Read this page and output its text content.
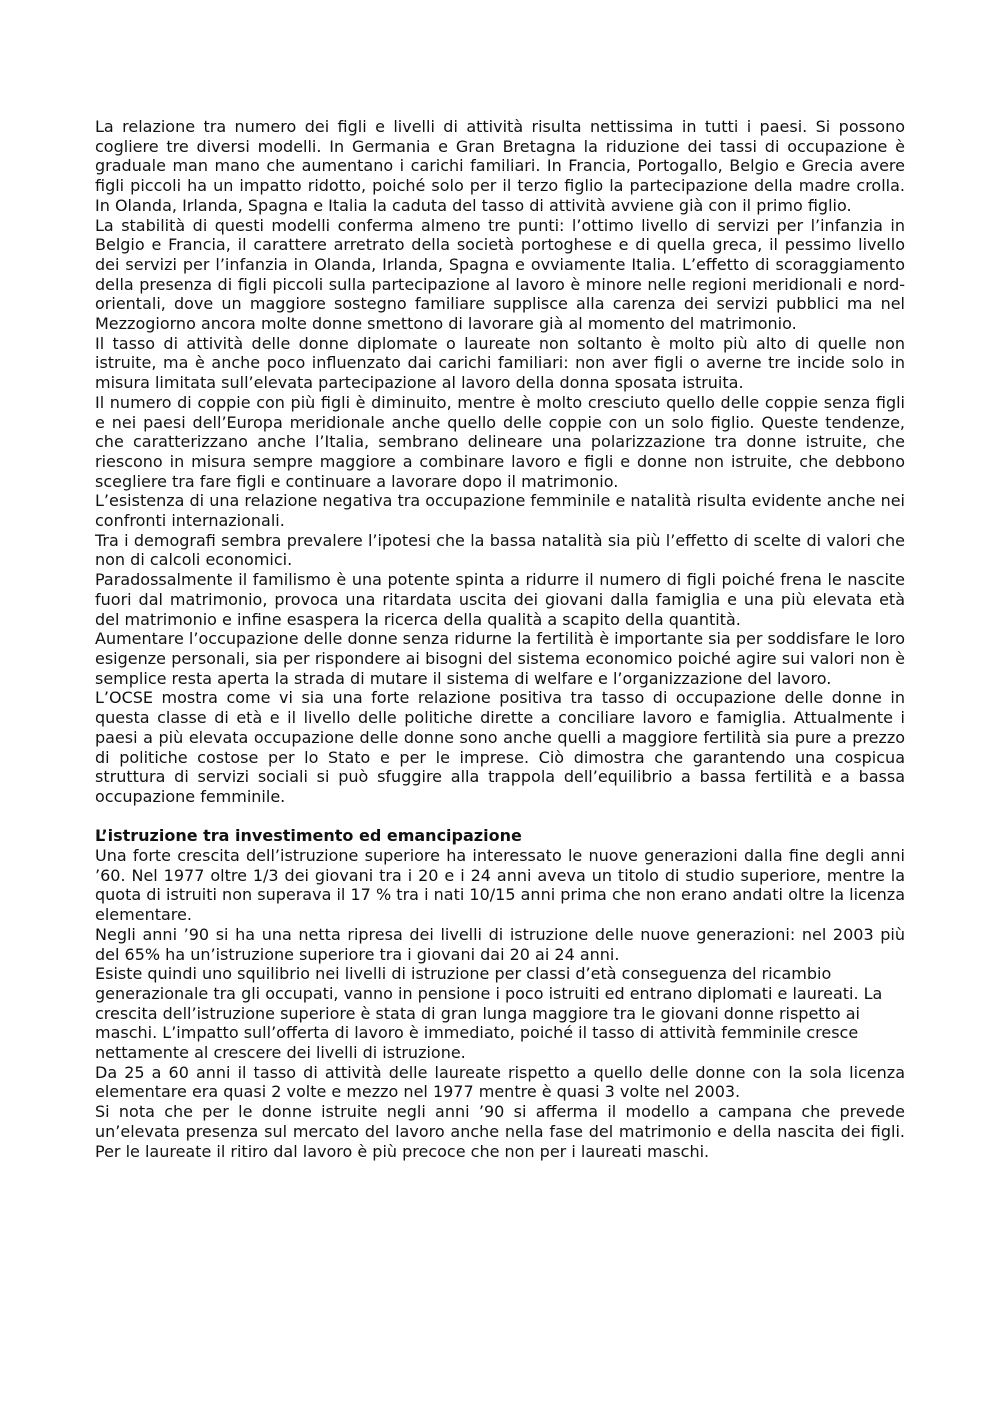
La relazione tra numero dei figli e livelli di attività risulta nettissima in tutti i paesi. Si possono cogliere tre diversi modelli. In Germania e Gran Bretagna la riduzione dei tassi di occupazione è graduale man mano che aumentano i carichi familiari. In Francia, Portogallo, Belgio e Grecia avere figli piccoli ha un impatto ridotto, poiché solo per il terzo figlio la partecipazione della madre crolla. In Olanda, Irlanda, Spagna e Italia la caduta del tasso di attività avviene già con il primo figlio.

La stabilità di questi modelli conferma almeno tre punti: l’ottimo livello di servizi per l’infanzia in Belgio e Francia, il carattere arretrato della società portoghese e di quella greca, il pessimo livello dei servizi per l’infanzia in Olanda, Irlanda, Spagna e ovviamente Italia. L’effetto di scoraggiamento della presenza di figli piccoli sulla partecipazione al lavoro è minore nelle regioni meridionali e nord-orientali, dove un maggiore sostegno familiare supplisce alla carenza dei servizi pubblici ma nel Mezzogiorno ancora molte donne smettono di lavorare già al momento del matrimonio.

Il tasso di attività delle donne diplomate o laureate non soltanto è molto più alto di quelle non istruite, ma è anche poco influenzato dai carichi familiari: non aver figli o averne tre incide solo in misura limitata sull’elevata partecipazione al lavoro della donna sposata istruita.

Il numero di coppie con più figli è diminuito, mentre è molto cresciuto quello delle coppie senza figli e nei paesi dell’Europa meridionale anche quello delle coppie con un solo figlio. Queste tendenze, che caratterizzano anche l’Italia, sembrano delineare una polarizzazione tra donne istruite, che riescono in misura sempre maggiore a combinare lavoro e figli e donne non istruite, che debbono scegliere tra fare figli e continuare a lavorare dopo il matrimonio.

L’esistenza di una relazione negativa tra occupazione femminile e natalità risulta evidente anche nei confronti internazionali.

Tra i demografi sembra prevalere l’ipotesi che la bassa natalità sia più l’effetto di scelte di valori che non di calcoli economici.

Paradossalmente il familismo è una potente spinta a ridurre il numero di figli poiché frena le nascite fuori dal matrimonio, provoca una ritardata uscita dei giovani dalla famiglia e una più elevata età del matrimonio e infine esaspera la ricerca della qualità a scapito della quantità.

Aumentare l’occupazione delle donne senza ridurne la fertilità è importante sia per soddisfare le loro esigenze personali, sia per rispondere ai bisogni del sistema economico poiché agire sui valori non è semplice resta aperta la strada di mutare il sistema di welfare e l’organizzazione del lavoro.

L’OCSE mostra come vi sia una forte relazione positiva tra tasso di occupazione delle donne in questa classe di età e il livello delle politiche dirette a conciliare lavoro e famiglia. Attualmente i paesi a più elevata occupazione delle donne sono anche quelli a maggiore fertilità sia pure a prezzo di politiche costose per lo Stato e per le imprese. Ciò dimostra che garantendo una cospicua struttura di servizi sociali si può sfuggire alla trappola dell’equilibrio a bassa fertilità e a bassa occupazione femminile.

L’istruzione tra investimento ed emancipazione

Una forte crescita dell’istruzione superiore ha interessato le nuove generazioni dalla fine degli anni ’60. Nel 1977 oltre 1/3 dei giovani tra i 20 e i 24 anni aveva un titolo di studio superiore, mentre la quota di istruiti non superava il 17 % tra i nati 10/15 anni prima che non erano andati oltre la licenza elementare.

Negli anni ’90 si ha una netta ripresa dei livelli di istruzione delle nuove generazioni: nel 2003 più del 65% ha un’istruzione superiore tra i giovani dai 20 ai 24 anni.

Esiste quindi uno squilibrio nei livelli di istruzione per classi d’età conseguenza del ricambio generazionale tra gli occupati, vanno in pensione i poco istruiti ed entrano diplomati e laureati. La crescita dell’istruzione superiore è stata di gran lunga maggiore tra le giovani donne rispetto ai maschi. L’impatto sull’offerta di lavoro è immediato, poiché il tasso di attività femminile cresce nettamente al crescere dei livelli di istruzione.

Da 25 a 60 anni il tasso di attività delle laureate rispetto a quello delle donne con la sola licenza elementare era quasi 2 volte e mezzo nel 1977 mentre è quasi 3 volte nel 2003.

Si nota che per le donne istruite negli anni ’90 si afferma il modello a campana che prevede un’elevata presenza sul mercato del lavoro anche nella fase del matrimonio e della nascita dei figli. Per le laureate il ritiro dal lavoro è più precoce che non per i laureati maschi.
